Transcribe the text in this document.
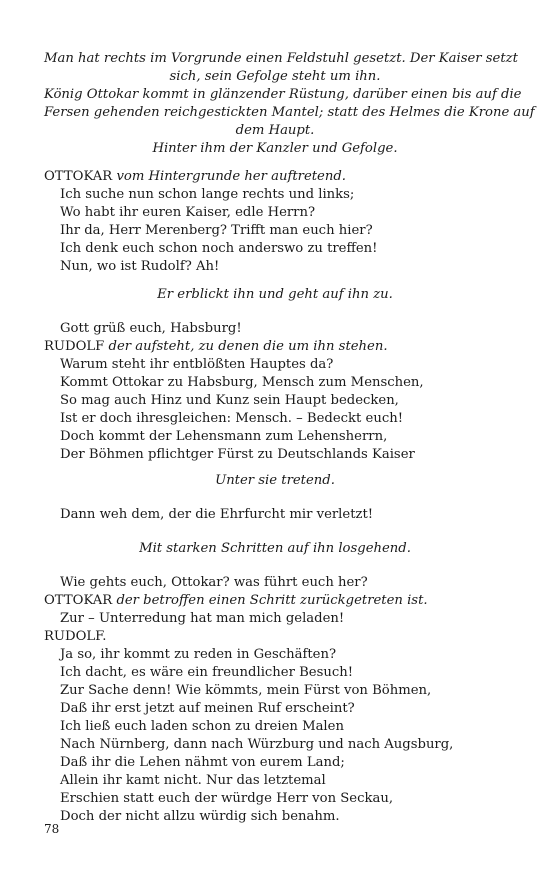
Man hat rechts im Vorgrunde einen Feldstuhl gesetzt. Der Kaiser setzt
sich, sein Gefolge steht um ihn.
König Ottokar kommt in glänzender Rüstung, darüber einen bis auf die
Fersen gehenden reichgestickten Mantel; statt des Helmes die Krone auf
dem Haupt.
Hinter ihm der Kanzler und Gefolge.
OTTOKAR vom Hintergrunde her auftretend.
Ich suche nun schon lange rechts und links;
Wo habt ihr euren Kaiser, edle Herrn?
Ihr da, Herr Merenberg? Trifft man euch hier?
Ich denk euch schon noch anderswo zu treffen!
Nun, wo ist Rudolf? Ah!
Er erblickt ihn und geht auf ihn zu.
Gott grüß euch, Habsburg!
RUDOLF der aufsteht, zu denen die um ihn stehen.
Warum steht ihr entblößten Hauptes da?
Kommt Ottokar zu Habsburg, Mensch zum Menschen,
So mag auch Hinz und Kunz sein Haupt bedecken,
Ist er doch ihresgleichen: Mensch. – Bedeckt euch!
Doch kommt der Lehensmann zum Lehensherrn,
Der Böhmen pflichtger Fürst zu Deutschlands Kaiser
Unter sie tretend.
Dann weh dem, der die Ehrfurcht mir verletzt!
Mit starken Schritten auf ihn losgehend.
Wie gehts euch, Ottokar? was führt euch her?
OTTOKAR der betroffen einen Schritt zurückgetreten ist.
Zur – Unterredung hat man mich geladen!
RUDOLF.
Ja so, ihr kommt zu reden in Geschäften?
Ich dacht, es wäre ein freundlicher Besuch!
Zur Sache denn! Wie kömmts, mein Fürst von Böhmen,
Daß ihr erst jetzt auf meinen Ruf erscheint?
Ich ließ euch laden schon zu dreien Malen
Nach Nürnberg, dann nach Würzburg und nach Augsburg,
Daß ihr die Lehen nähmt von eurem Land;
Allein ihr kamt nicht. Nur das letztemal
Erschien statt euch der würdge Herr von Seckau,
Doch der nicht allzu würdig sich benahm.
78
